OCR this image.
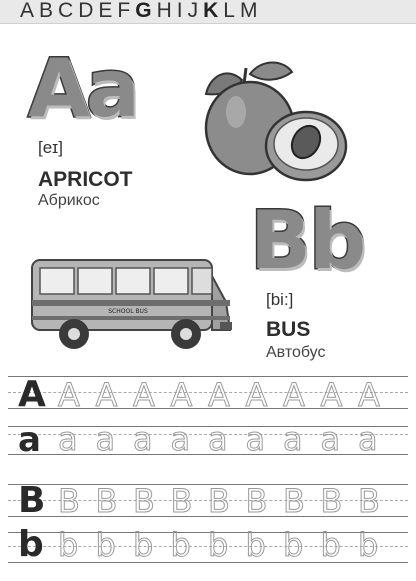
A B C D E F G H I J K L M
Aa
[eɪ]
APRICOT
Абрикос Bb
SCHOOL BUS
[bi:]
BUS
Автобус
A A A A A A A A A A
a a a a a a a a a a
B B B B B B B B B B
b b b b b b b b b b
